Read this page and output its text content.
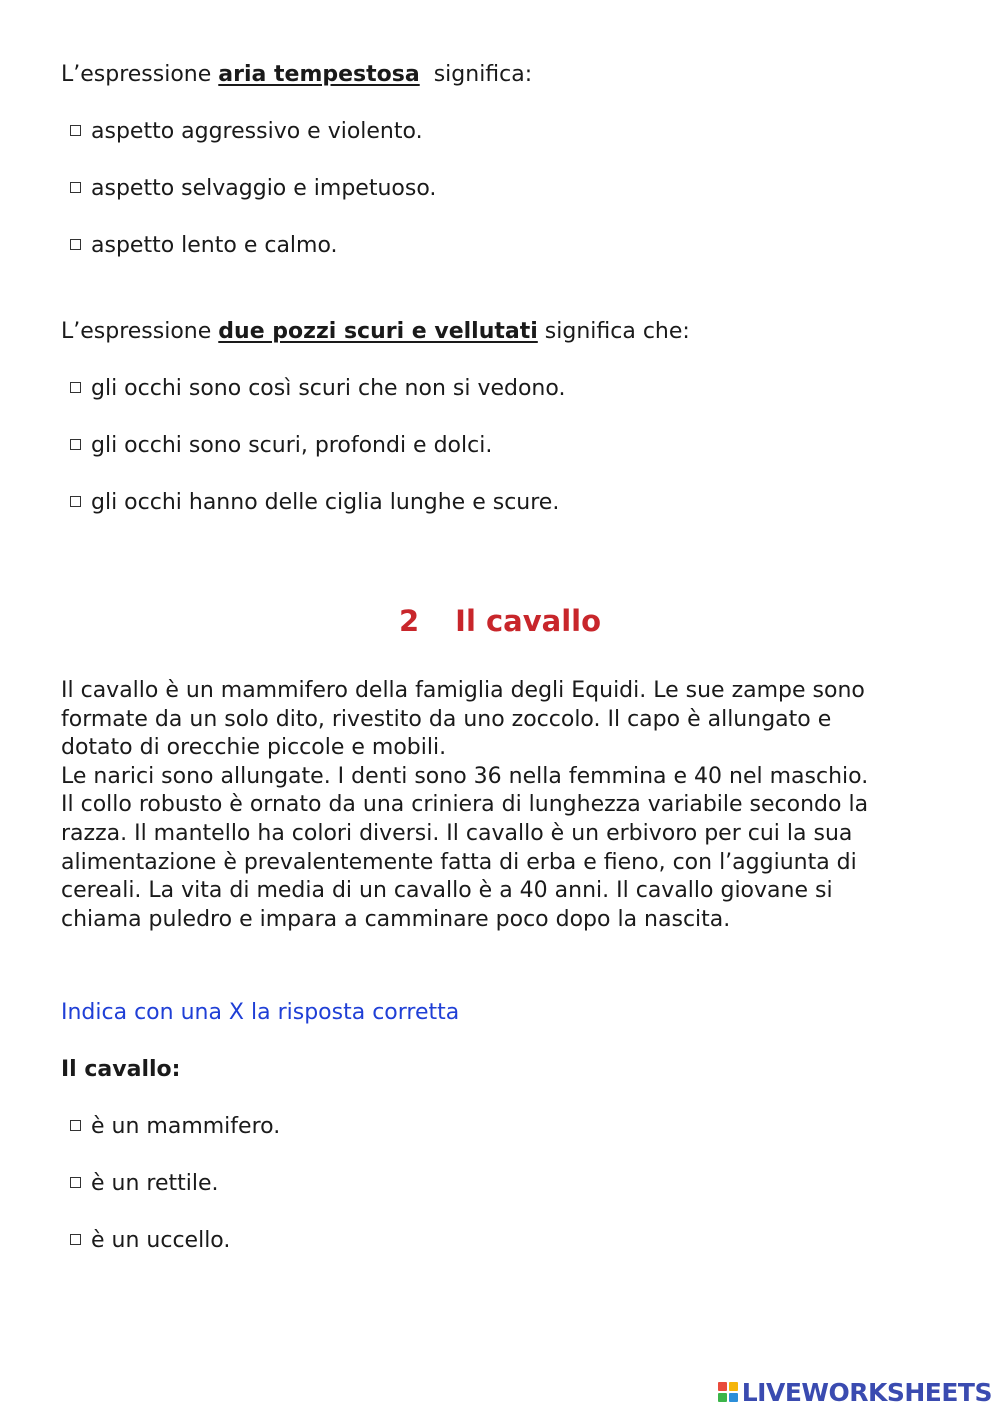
L’espressione aria tempestosa  significa:
aspetto aggressivo e violento.
aspetto selvaggio e impetuoso.
aspetto lento e calmo.
L’espressione due pozzi scuri e vellutati significa che:
gli occhi sono così scuri che non si vedono.
gli occhi sono scuri, profondi e dolci.
gli occhi hanno delle ciglia lunghe e scure.
2 Il cavallo
Il cavallo è un mammifero della famiglia degli Equidi. Le sue zampe sono
formate da un solo dito, rivestito da uno zoccolo. Il capo è allungato e
dotato di orecchie piccole e mobili.
Le narici sono allungate. I denti sono 36 nella femmina e 40 nel maschio.
Il collo robusto è ornato da una criniera di lunghezza variabile secondo la
razza. Il mantello ha colori diversi. Il cavallo è un erbivoro per cui la sua
alimentazione è prevalentemente fatta di erba e fieno, con l’aggiunta di
cereali. La vita di media di un cavallo è a 40 anni. Il cavallo giovane si
chiama puledro e impara a camminare poco dopo la nascita.
Indica con una X la risposta corretta
Il cavallo:
è un mammifero.
è un rettile.
è un uccello.
LIVEWORKSHEETS
